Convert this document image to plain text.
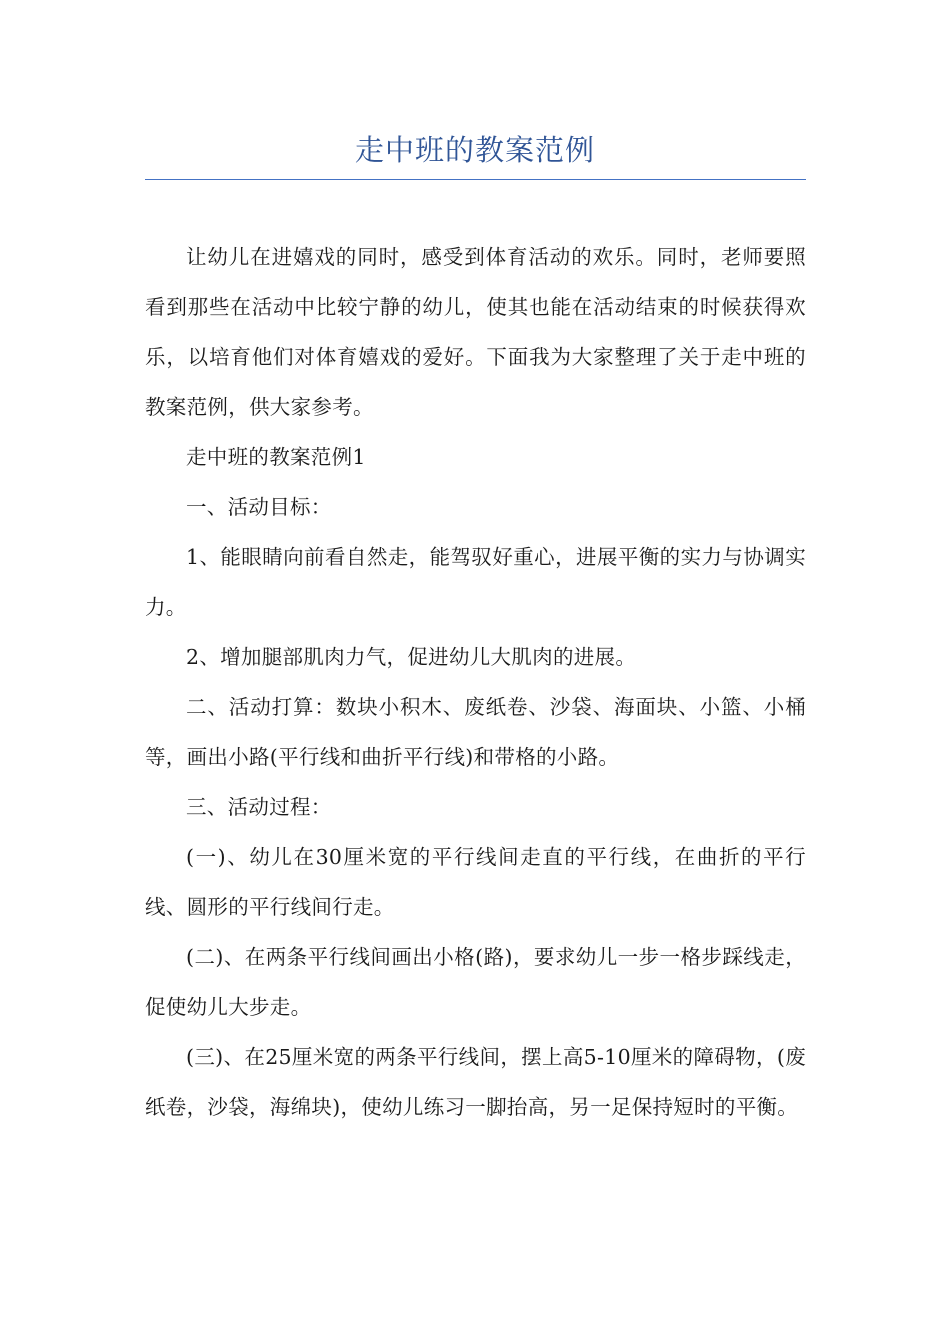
走中班的教案范例

让幼儿在进嬉戏的同时，感受到体育活动的欢乐。同时，老师要照看到那些在活动中比较宁静的幼儿，使其也能在活动结束的时候获得欢乐，以培育他们对体育嬉戏的爱好。下面我为大家整理了关于走中班的教案范例，供大家参考。

走中班的教案范例1

一、活动目标：

1、能眼睛向前看自然走，能驾驭好重心，进展平衡的实力与协调实力。

2、增加腿部肌肉力气，促进幼儿大肌肉的进展。

二、活动打算：数块小积木、废纸卷、沙袋、海面块、小篮、小桶等，画出小路(平行线和曲折平行线)和带格的小路。

三、活动过程：

(一)、幼儿在30厘米宽的平行线间走直的平行线，在曲折的平行线、圆形的平行线间行走。

(二)、在两条平行线间画出小格(路)，要求幼儿一步一格步踩线走，促使幼儿大步走。

(三)、在25厘米宽的两条平行线间，摆上高5-10厘米的障碍物，(废纸卷，沙袋，海绵块)，使幼儿练习一脚抬高，另一足保持短时的平衡。
